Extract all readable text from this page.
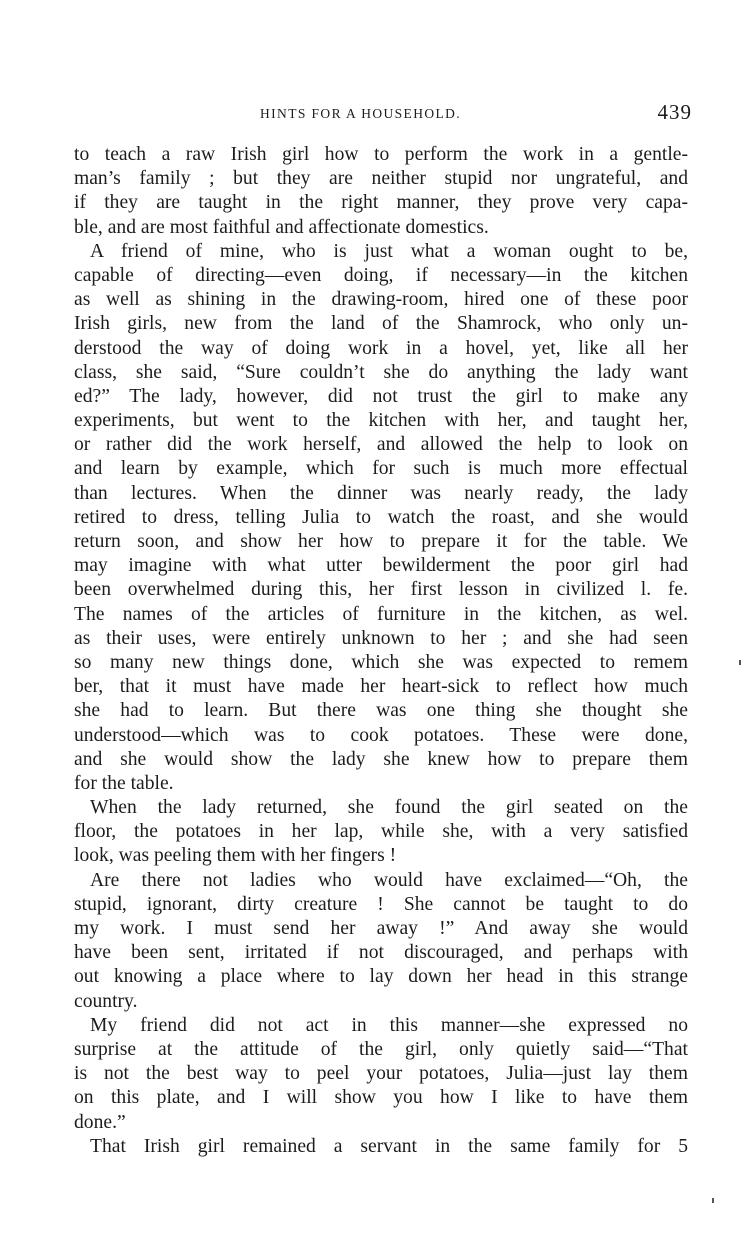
HINTS FOR A HOUSEHOLD.	439
to teach a raw Irish girl how to perform the work in a gentle-
man’s family ; but they are neither stupid nor ungrateful, and
if they are taught in the right manner, they prove very capa-
ble, and are most faithful and affectionate domestics.
A friend of mine, who is just what a woman ought to be,
capable of directing—even doing, if necessary—in the kitchen
as well as shining in the drawing-room, hired one of these poor
Irish girls, new from the land of the Shamrock, who only un-
derstood the way of doing work in a hovel, yet, like all her
class, she said, “Sure couldn’t she do anything the lady want
ed?” The lady, however, did not trust the girl to make any
experiments, but went to the kitchen with her, and taught her,
or rather did the work herself, and allowed the help to look on
and learn by example, which for such is much more effectual
than lectures. When the dinner was nearly ready, the lady
retired to dress, telling Julia to watch the roast, and she would
return soon, and show her how to prepare it for the table. We
may imagine with what utter bewilderment the poor girl had
been overwhelmed during this, her first lesson in civilized l. fe.
The names of the articles of furniture in the kitchen, as wel.
as their uses, were entirely unknown to her ; and she had seen
so many new things done, which she was expected to remem
ber, that it must have made her heart-sick to reflect how much
she had to learn. But there was one thing she thought she
understood—which was to cook potatoes. These were done,
and she would show the lady she knew how to prepare them
for the table.
When the lady returned, she found the girl seated on the
floor, the potatoes in her lap, while she, with a very satisfied
look, was peeling them with her fingers !
Are there not ladies who would have exclaimed—“Oh, the
stupid, ignorant, dirty creature ! She cannot be taught to do
my work. I must send her away !” And away she would
have been sent, irritated if not discouraged, and perhaps with
out knowing a place where to lay down her head in this strange
country.
My friend did not act in this manner—she expressed no
surprise at the attitude of the girl, only quietly said—“That
is not the best way to peel your potatoes, Julia—just lay them
on this plate, and I will show you how I like to have them
done.”
That Irish girl remained a servant in the same family for 5
